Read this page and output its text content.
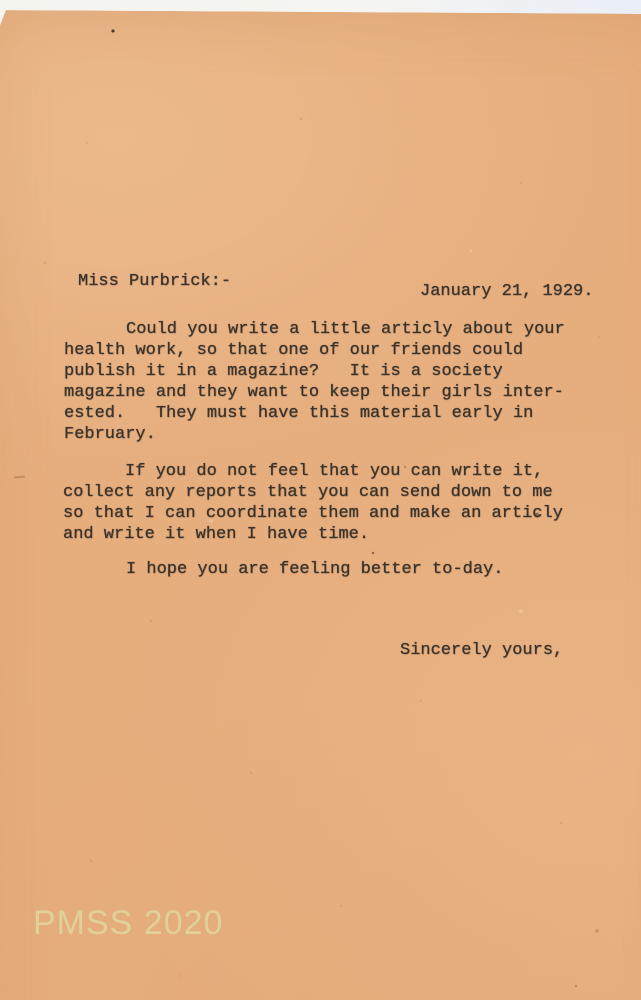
Miss Purbrick:-
January 21, 1929.
Could you write a little articly about your
health work, so that one of our friends could
publish it in a magazine?   It is a society
magazine and they want to keep their girls inter-
ested.   They must have this material early in
February.
If you do not feel that you can write it,
collect any reports that you can send down to me
so that I can coordinate them and make an articly
and write it when I have time.
I hope you are feeling better to-day.
Sincerely yours,
PMSS 2020
